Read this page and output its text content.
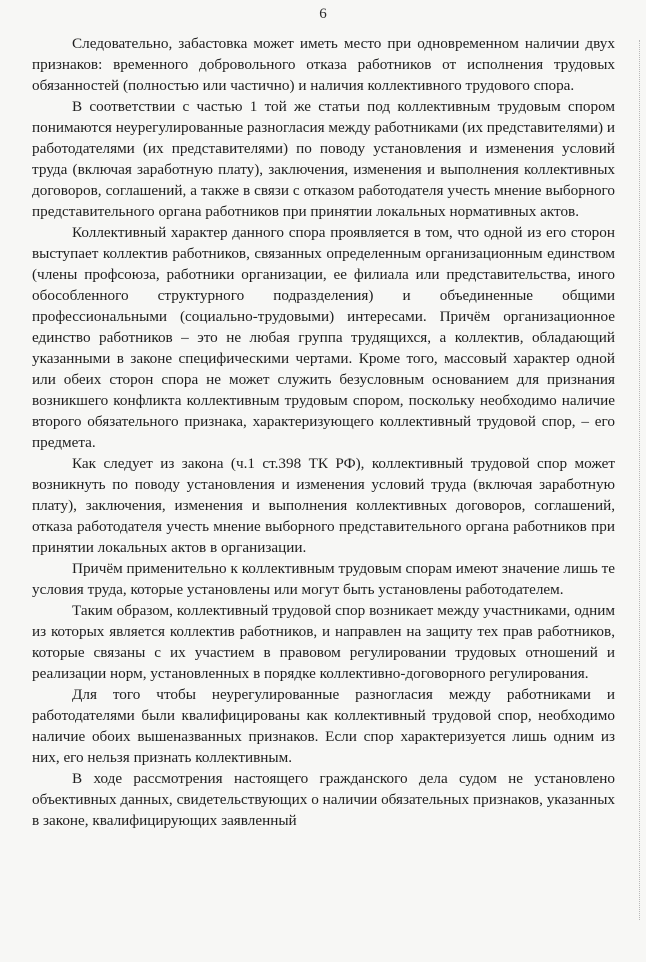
6

Следовательно, забастовка может иметь место при одновременном наличии двух признаков: временного добровольного отказа работников от исполнения трудовых обязанностей (полностью или частично) и наличия коллективного трудового спора.

В соответствии с частью 1 той же статьи под коллективным трудовым спором понимаются неурегулированные разногласия между работниками (их представителями) и работодателями (их представителями) по поводу установления и изменения условий труда (включая заработную плату), заключения, изменения и выполнения коллективных договоров, соглашений, а также в связи с отказом работодателя учесть мнение выборного представительного органа работников при принятии локальных нормативных актов.

Коллективный характер данного спора проявляется в том, что одной из его сторон выступает коллектив работников, связанных определенным организационным единством (члены профсоюза, работники организации, ее филиала или представительства, иного обособленного структурного подразделения) и объединенные общими профессиональными (социально-трудовыми) интересами. Причём организационное единство работников – это не любая группа трудящихся, а коллектив, обладающий указанными в законе специфическими чертами. Кроме того, массовый характер одной или обеих сторон спора не может служить безусловным основанием для признания возникшего конфликта коллективным трудовым спором, поскольку необходимо наличие второго обязательного признака, характеризующего коллективный трудовой спор, – его предмета.

Как следует из закона (ч.1 ст.398 ТК РФ), коллективный трудовой спор может возникнуть по поводу установления и изменения условий труда (включая заработную плату), заключения, изменения и выполнения коллективных договоров, соглашений, отказа работодателя учесть мнение выборного представительного органа работников при принятии локальных актов в организации.

Причём применительно к коллективным трудовым спорам имеют значение лишь те условия труда, которые установлены или могут быть установлены работодателем.

Таким образом, коллективный трудовой спор возникает между участниками, одним из которых является коллектив работников, и направлен на защиту тех прав работников, которые связаны с их участием в правовом регулировании трудовых отношений и реализации норм, установленных в порядке коллективно-договорного регулирования.

Для того чтобы неурегулированные разногласия между работниками и работодателями были квалифицированы как коллективный трудовой спор, необходимо наличие обоих вышеназванных признаков. Если спор характеризуется лишь одним из них, его нельзя признать коллективным.

В ходе рассмотрения настоящего гражданского дела судом не установлено объективных данных, свидетельствующих о наличии обязательных признаков, указанных в законе, квалифицирующих заявленный
